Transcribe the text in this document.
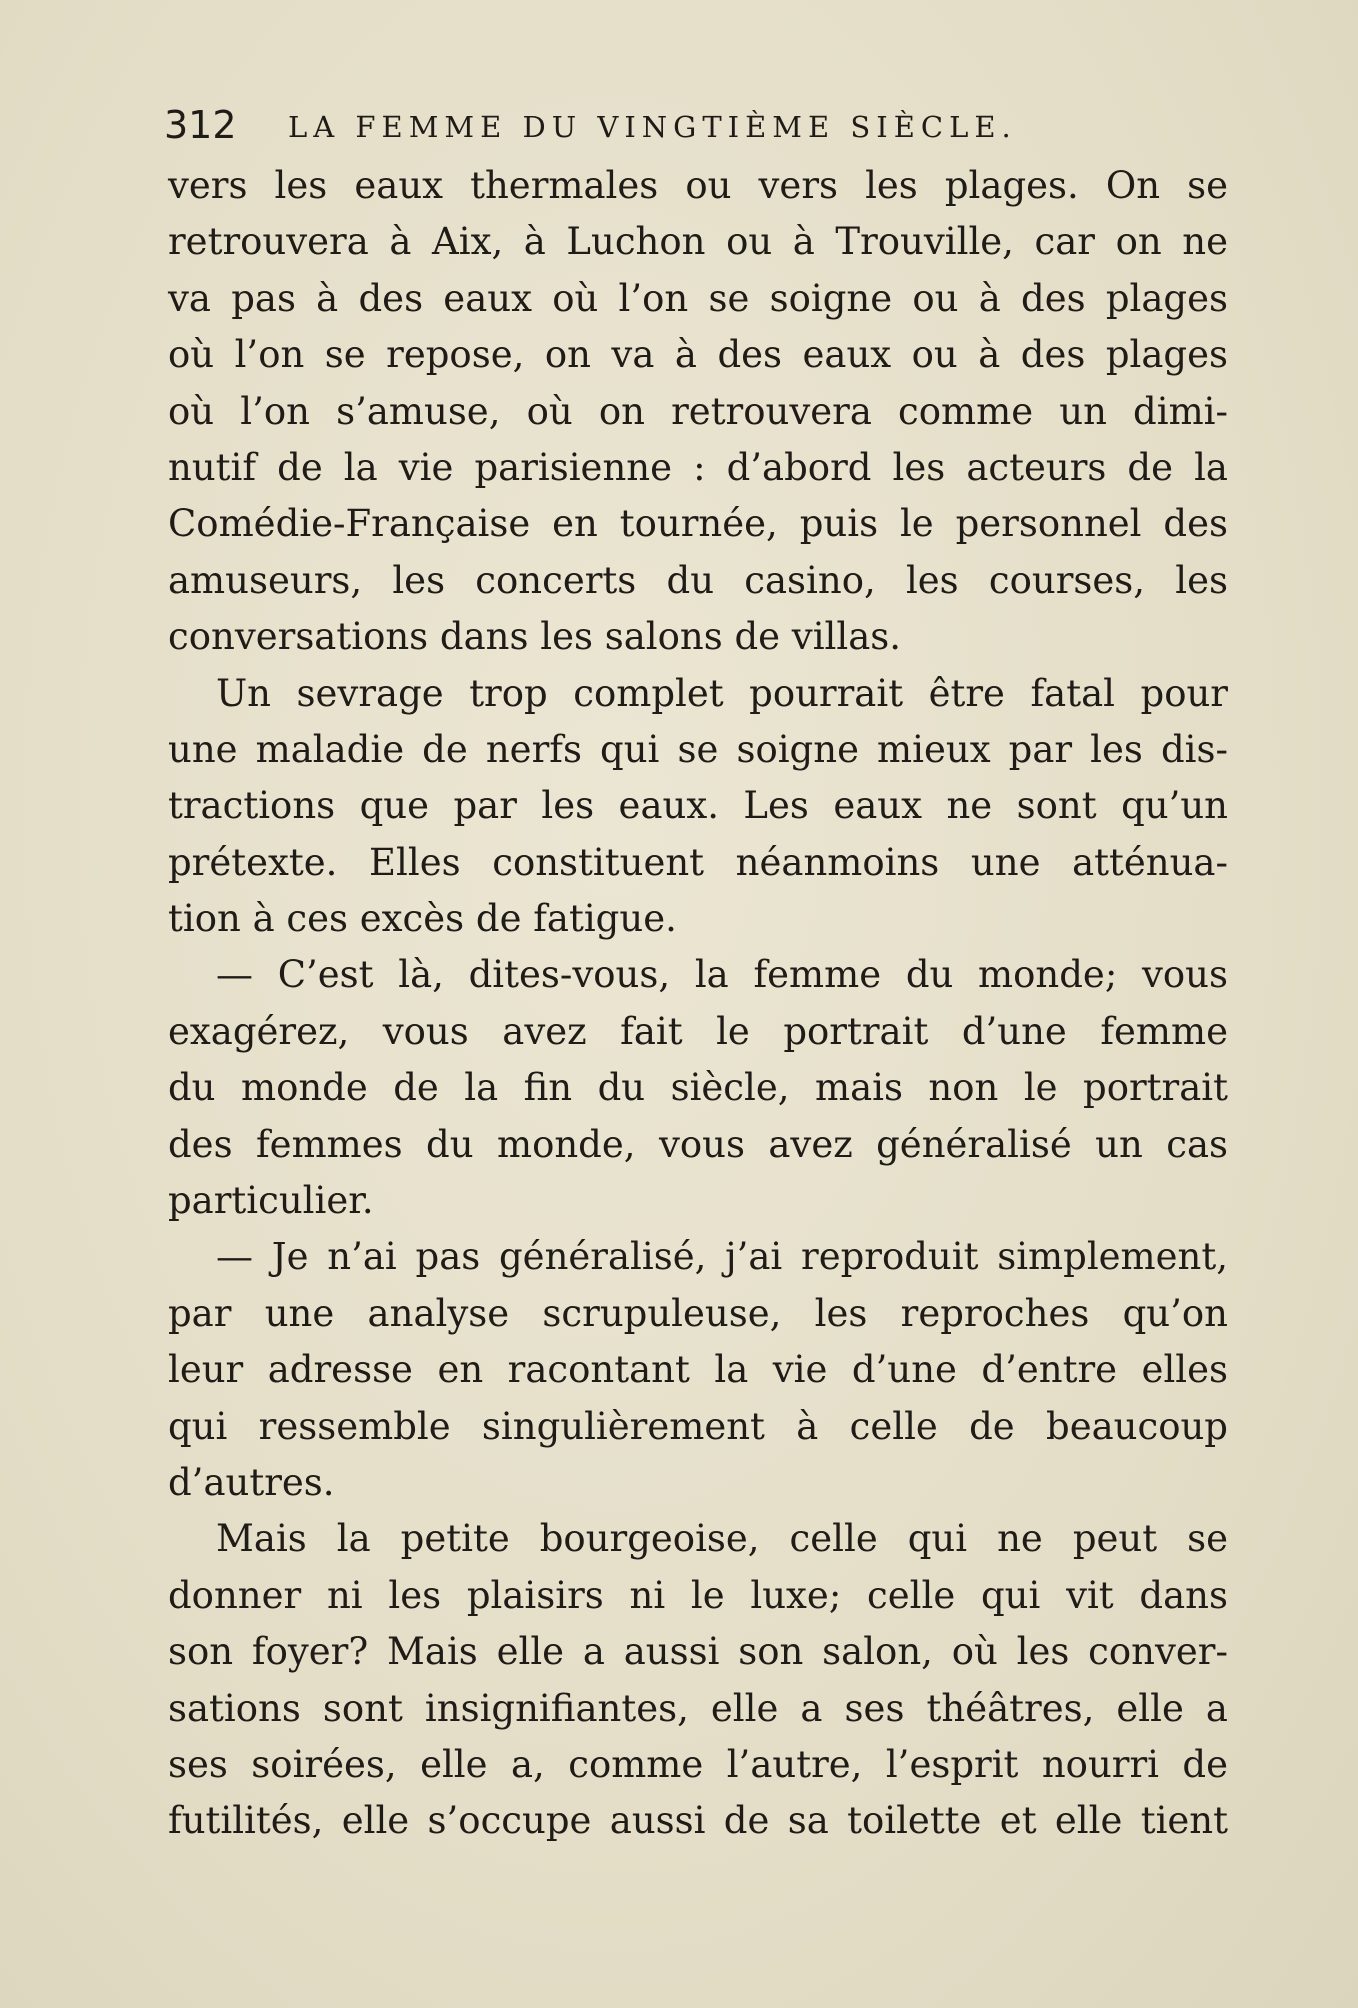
312 LA FEMME DU VINGTIÈME SIÈCLE.
vers les eaux thermales ou vers les plages. On se
retrouvera à Aix, à Luchon ou à Trouville, car on ne
va pas à des eaux où l’on se soigne ou à des plages
où l’on se repose, on va à des eaux ou à des plages
où l’on s’amuse, où on retrouvera comme un dimi-
nutif de la vie parisienne : d’abord les acteurs de la
Comédie-Française en tournée, puis le personnel des
amuseurs, les concerts du casino, les courses, les
conversations dans les salons de villas.
Un sevrage trop complet pourrait être fatal pour
une maladie de nerfs qui se soigne mieux par les dis-
tractions que par les eaux. Les eaux ne sont qu’un
prétexte. Elles constituent néanmoins une atténua-
tion à ces excès de fatigue.
— C’est là, dites-vous, la femme du monde; vous
exagérez, vous avez fait le portrait d’une femme
du monde de la fin du siècle, mais non le portrait
des femmes du monde, vous avez généralisé un cas
particulier.
— Je n’ai pas généralisé, j’ai reproduit simplement,
par une analyse scrupuleuse, les reproches qu’on
leur adresse en racontant la vie d’une d’entre elles
qui ressemble singulièrement à celle de beaucoup
d’autres.
Mais la petite bourgeoise, celle qui ne peut se
donner ni les plaisirs ni le luxe; celle qui vit dans
son foyer? Mais elle a aussi son salon, où les conver-
sations sont insignifiantes, elle a ses théâtres, elle a
ses soirées, elle a, comme l’autre, l’esprit nourri de
futilités, elle s’occupe aussi de sa toilette et elle tient
